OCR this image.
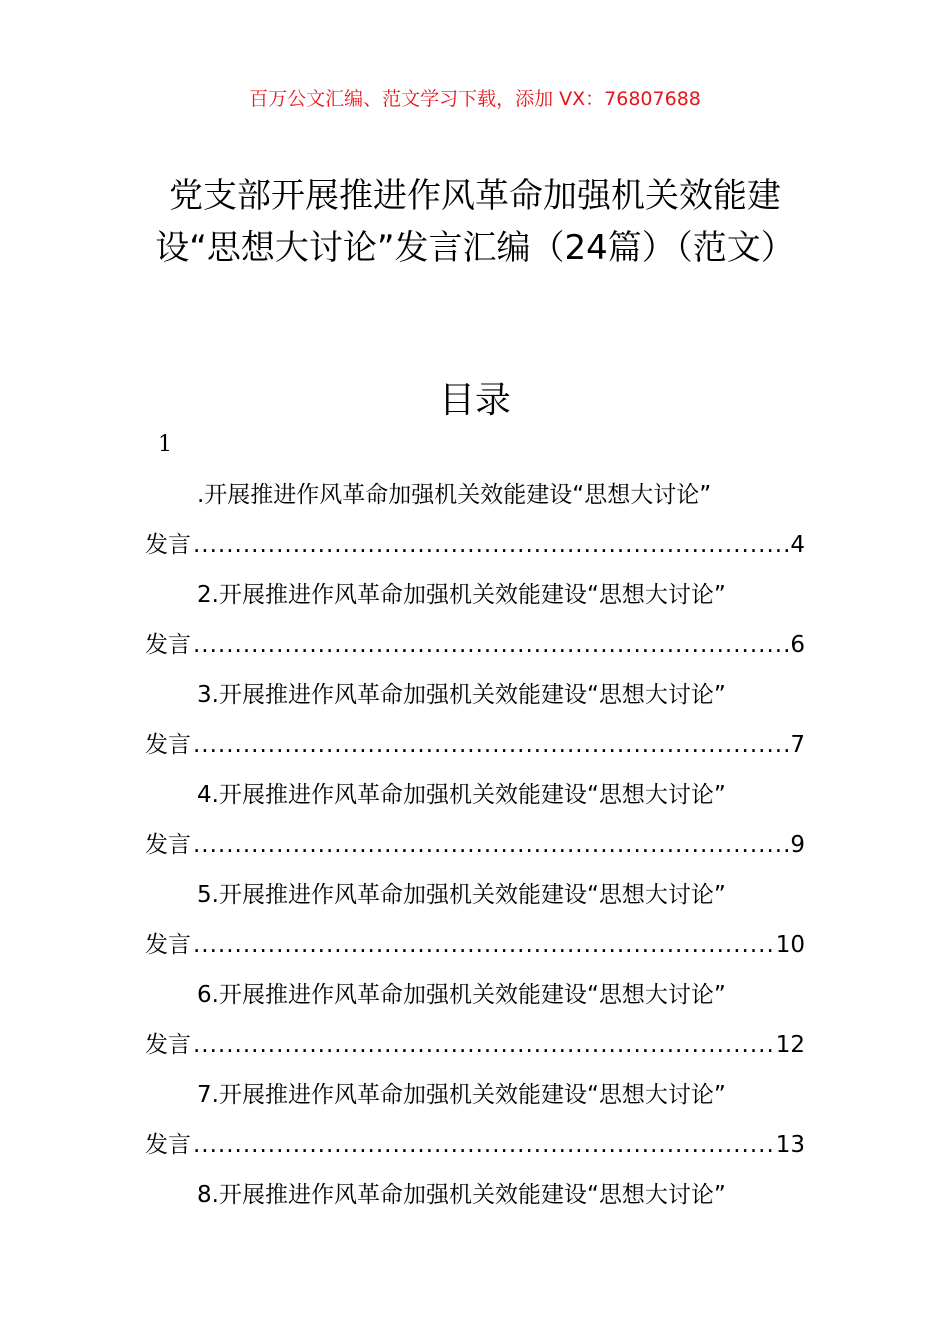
百万公文汇编、范文学习下载，添加 VX：76807688
党支部开展推进作风革命加强机关效能建设“思想大讨论”发言汇编（24篇）（范文）
目录
1
.开展推进作风革命加强机关效能建设“思想大讨论”
发言 .....	4
2.开展推进作风革命加强机关效能建设“思想大讨论”
发言 .....	6
3.开展推进作风革命加强机关效能建设“思想大讨论”
发言 .....	7
4.开展推进作风革命加强机关效能建设“思想大讨论”
发言 .....	9
5.开展推进作风革命加强机关效能建设“思想大讨论”
发言 .....	10
6.开展推进作风革命加强机关效能建设“思想大讨论”
发言 .....	12
7.开展推进作风革命加强机关效能建设“思想大讨论”
发言 .....	13
8.开展推进作风革命加强机关效能建设“思想大讨论”
